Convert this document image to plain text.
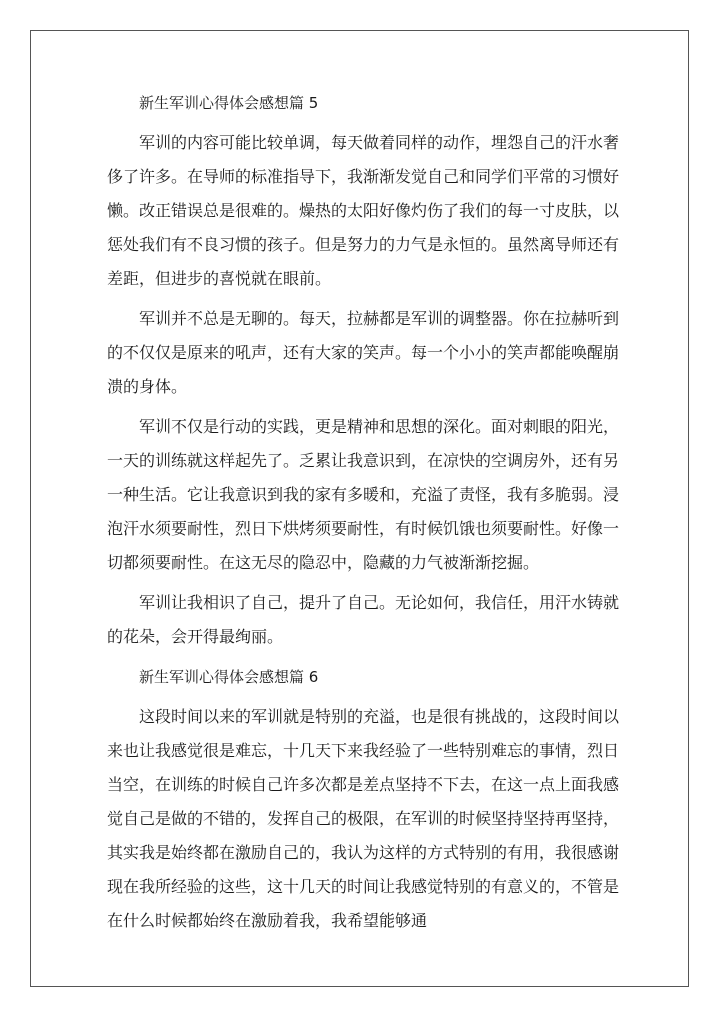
新生军训心得体会感想篇 5

军训的内容可能比较单调，每天做着同样的动作，埋怨自己的汗水奢侈了许多。在导师的标准指导下，我渐渐发觉自己和同学们平常的习惯好懒。改正错误总是很难的。燥热的太阳好像灼伤了我们的每一寸皮肤，以惩处我们有不良习惯的孩子。但是努力的力气是永恒的。虽然离导师还有差距，但进步的喜悦就在眼前。

军训并不总是无聊的。每天，拉赫都是军训的调整器。你在拉赫听到的不仅仅是原来的吼声，还有大家的笑声。每一个小小的笑声都能唤醒崩溃的身体。

军训不仅是行动的实践，更是精神和思想的深化。面对刺眼的阳光，一天的训练就这样起先了。乏累让我意识到，在凉快的空调房外，还有另一种生活。它让我意识到我的家有多暖和，充溢了责怪，我有多脆弱。浸泡汗水须要耐性，烈日下烘烤须要耐性，有时候饥饿也须要耐性。好像一切都须要耐性。在这无尽的隐忍中，隐藏的力气被渐渐挖掘。

军训让我相识了自己，提升了自己。无论如何，我信任，用汗水铸就的花朵，会开得最绚丽。

新生军训心得体会感想篇 6

这段时间以来的军训就是特别的充溢，也是很有挑战的，这段时间以来也让我感觉很是难忘，十几天下来我经验了一些特别难忘的事情，烈日当空，在训练的时候自己许多次都是差点坚持不下去，在这一点上面我感觉自己是做的不错的，发挥自己的极限，在军训的时候坚持坚持再坚持，其实我是始终都在激励自己的，我认为这样的方式特别的有用，我很感谢现在我所经验的这些，这十几天的时间让我感觉特别的有意义的，不管是在什么时候都始终在激励着我，我希望能够通
